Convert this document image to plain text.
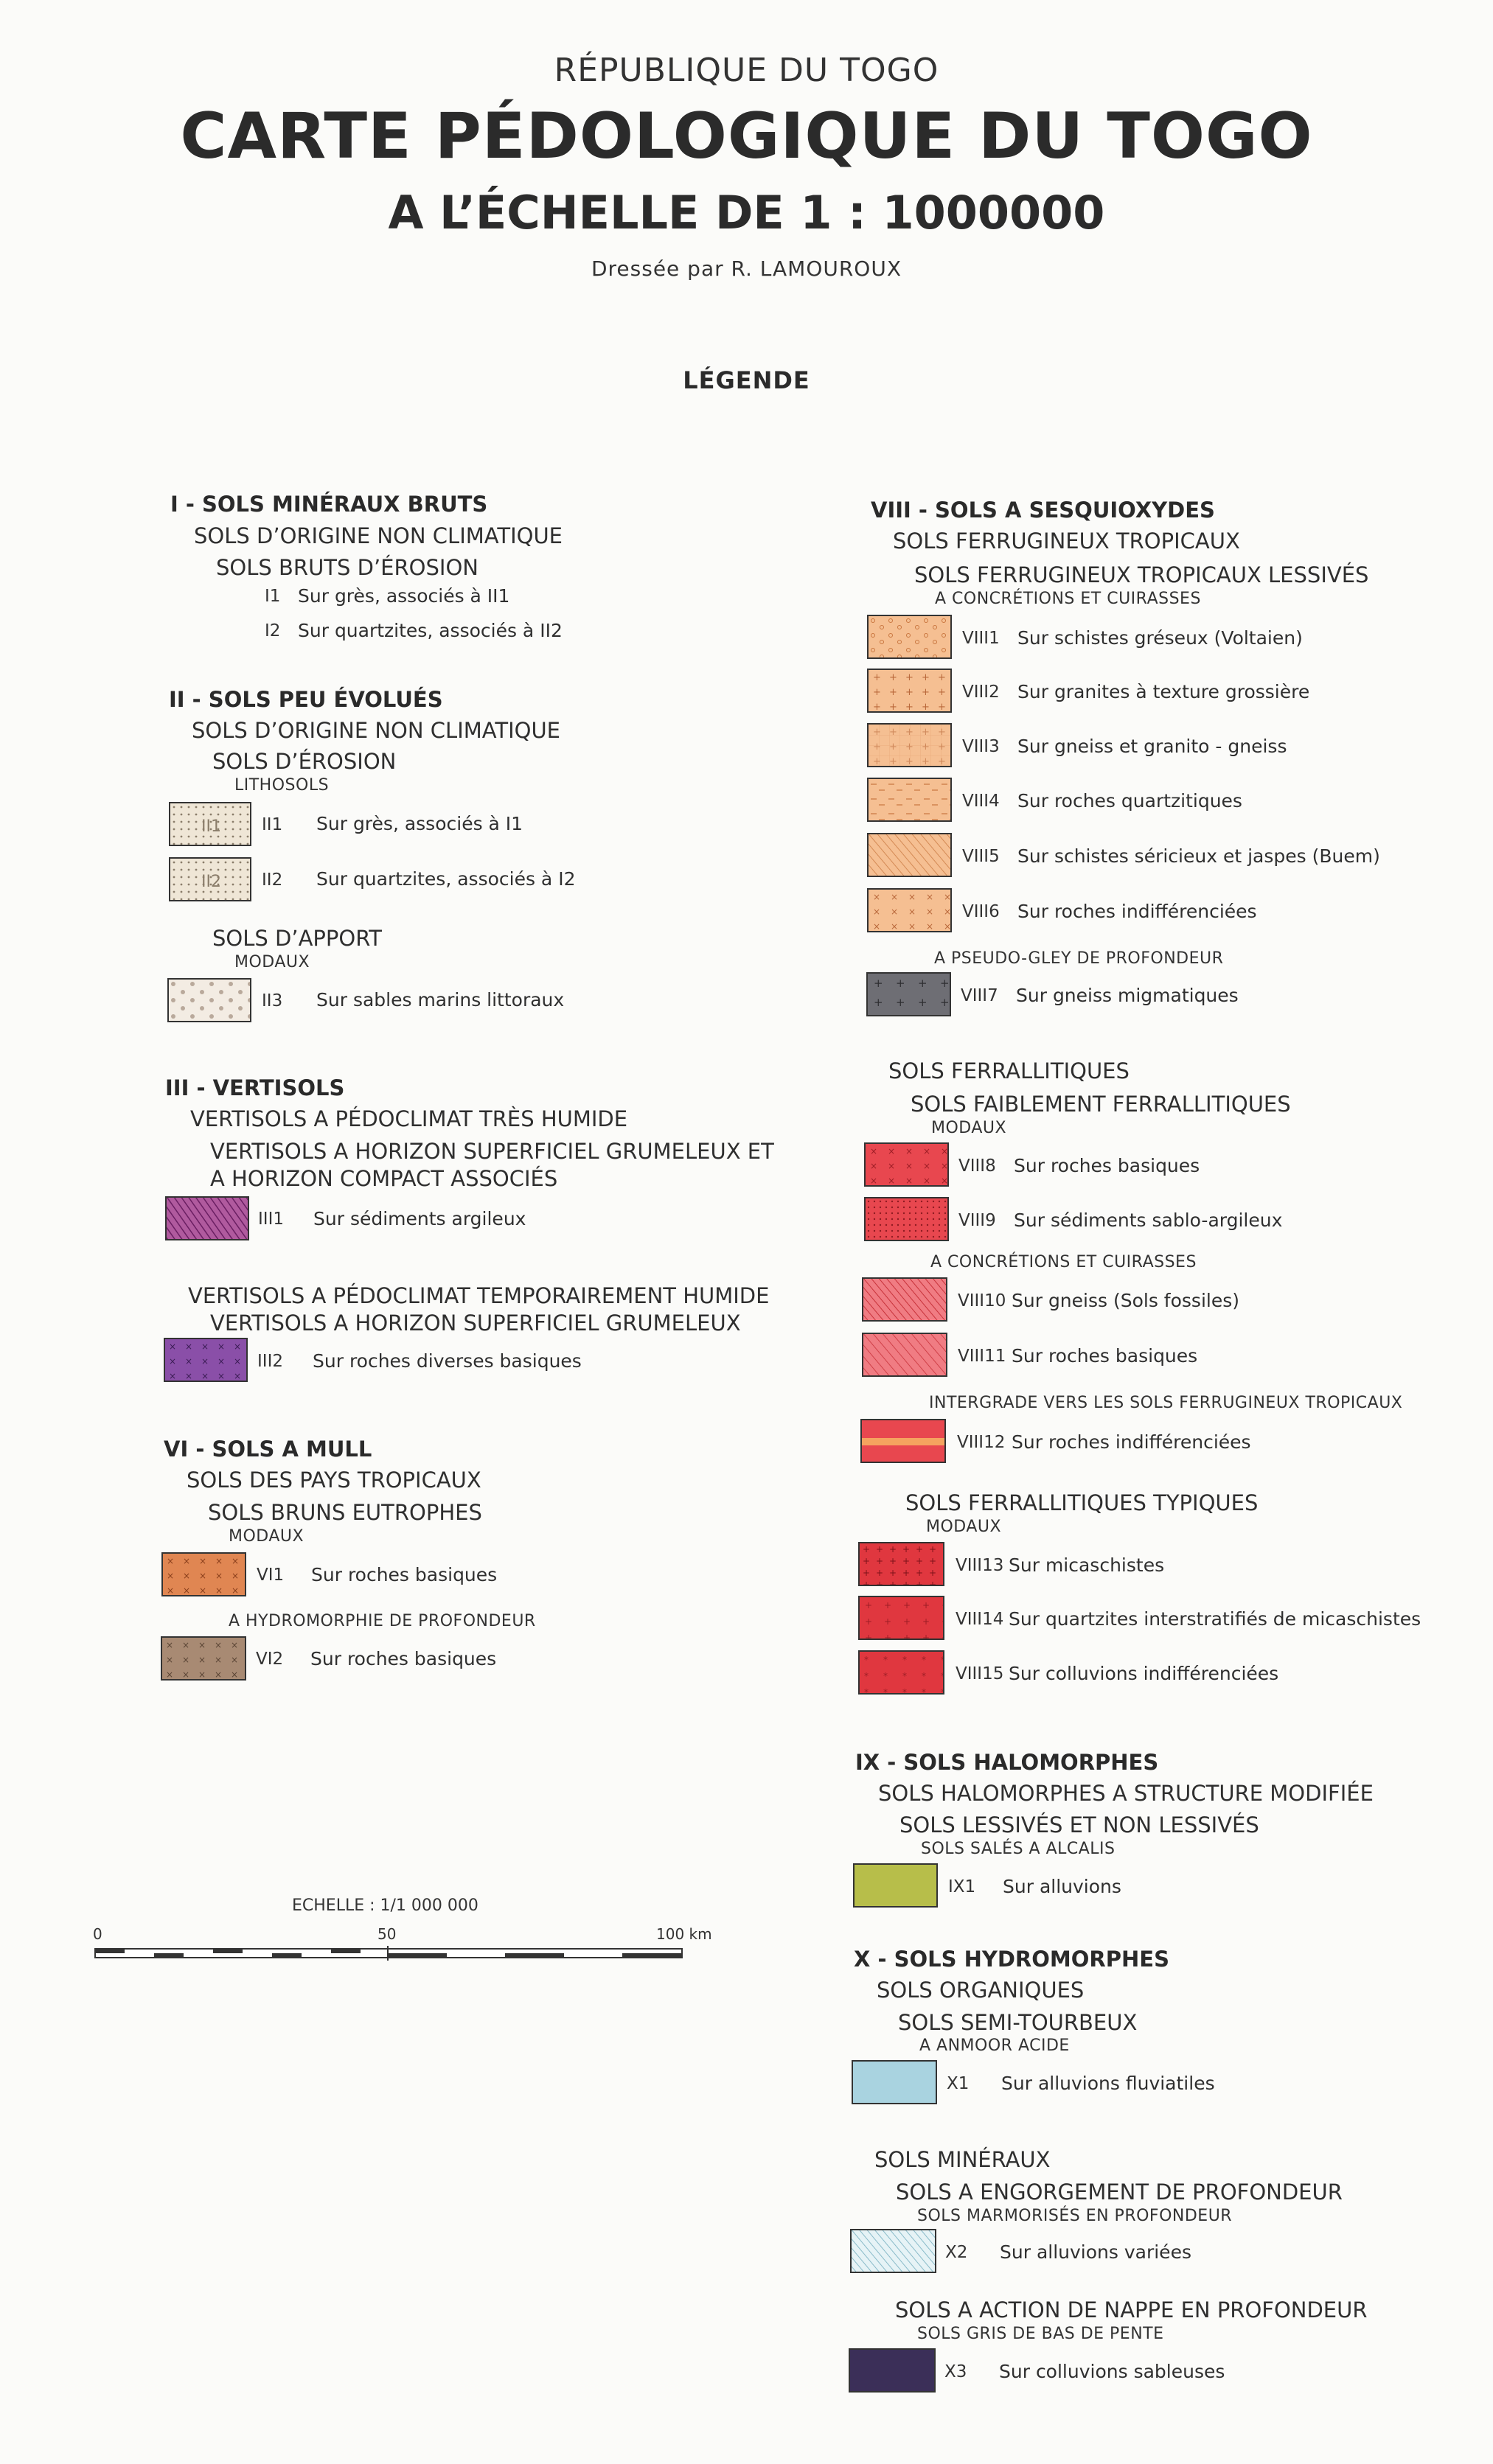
RÉPUBLIQUE DU TOGO
CARTE PÉDOLOGIQUE DU TOGO
A L’ÉCHELLE DE 1 : 1000000
Dressée par R. LAMOUROUX
LÉGENDE
I - SOLS MINÉRAUX BRUTS
SOLS D’ORIGINE NON CLIMATIQUE
SOLS BRUTS D’ÉROSION
I1 Sur grès, associés à II1
I2 Sur quartzites, associés à II2
II - SOLS PEU ÉVOLUÉS
SOLS D’ORIGINE NON CLIMATIQUE
SOLS D’ÉROSION
LITHOSOLS
II1 II1 Sur grès, associés à I1
II2 II2 Sur quartzites, associés à I2
SOLS D’APPORT
MODAUX
II3 Sur sables marins littoraux
III - VERTISOLS
VERTISOLS A PÉDOCLIMAT TRÈS HUMIDE
VERTISOLS A HORIZON SUPERFICIEL GRUMELEUX ET
A HORIZON COMPACT ASSOCIÉS
III1 Sur sédiments argileux
VERTISOLS A PÉDOCLIMAT TEMPORAIREMENT HUMIDE
VERTISOLS A HORIZON SUPERFICIEL GRUMELEUX
III2 Sur roches diverses basiques
VI - SOLS A MULL
SOLS DES PAYS TROPICAUX
SOLS BRUNS EUTROPHES
MODAUX
VI1 Sur roches basiques
A HYDROMORPHIE DE PROFONDEUR
VI2 Sur roches basiques
ECHELLE : 1/1 000 000
0	50	100 km
VIII - SOLS A SESQUIOXYDES
SOLS FERRUGINEUX TROPICAUX
SOLS FERRUGINEUX TROPICAUX LESSIVÉS
A CONCRÉTIONS ET CUIRASSES
VIII1 Sur schistes gréseux (Voltaien)
VIII2 Sur granites à texture grossière
VIII3 Sur gneiss et granito - gneiss
VIII4 Sur roches quartzitiques
VIII5 Sur schistes séricieux et jaspes (Buem)
VIII6 Sur roches indifférenciées
A PSEUDO-GLEY DE PROFONDEUR
VIII7 Sur gneiss migmatiques
SOLS FERRALLITIQUES
SOLS FAIBLEMENT FERRALLITIQUES
MODAUX
VIII8 Sur roches basiques
VIII9 Sur sédiments sablo-argileux
A CONCRÉTIONS ET CUIRASSES
VIII10 Sur gneiss (Sols fossiles)
VIII11 Sur roches basiques
INTERGRADE VERS LES SOLS FERRUGINEUX TROPICAUX
VIII12 Sur roches indifférenciées
SOLS FERRALLITIQUES TYPIQUES
MODAUX
VIII13 Sur micaschistes
VIII14 Sur quartzites interstratifiés de micaschistes
VIII15 Sur colluvions indifférenciées
IX - SOLS HALOMORPHES
SOLS HALOMORPHES A STRUCTURE MODIFIÉE
SOLS LESSIVÉS ET NON LESSIVÉS
SOLS SALÉS A ALCALIS
IX1 Sur alluvions
X - SOLS HYDROMORPHES
SOLS ORGANIQUES
SOLS SEMI-TOURBEUX
A ANMOOR ACIDE
X1 Sur alluvions fluviatiles
SOLS MINÉRAUX
SOLS A ENGORGEMENT DE PROFONDEUR
SOLS MARMORISÉS EN PROFONDEUR
X2 Sur alluvions variées
SOLS A ACTION DE NAPPE EN PROFONDEUR
SOLS GRIS DE BAS DE PENTE
X3 Sur colluvions sableuses
